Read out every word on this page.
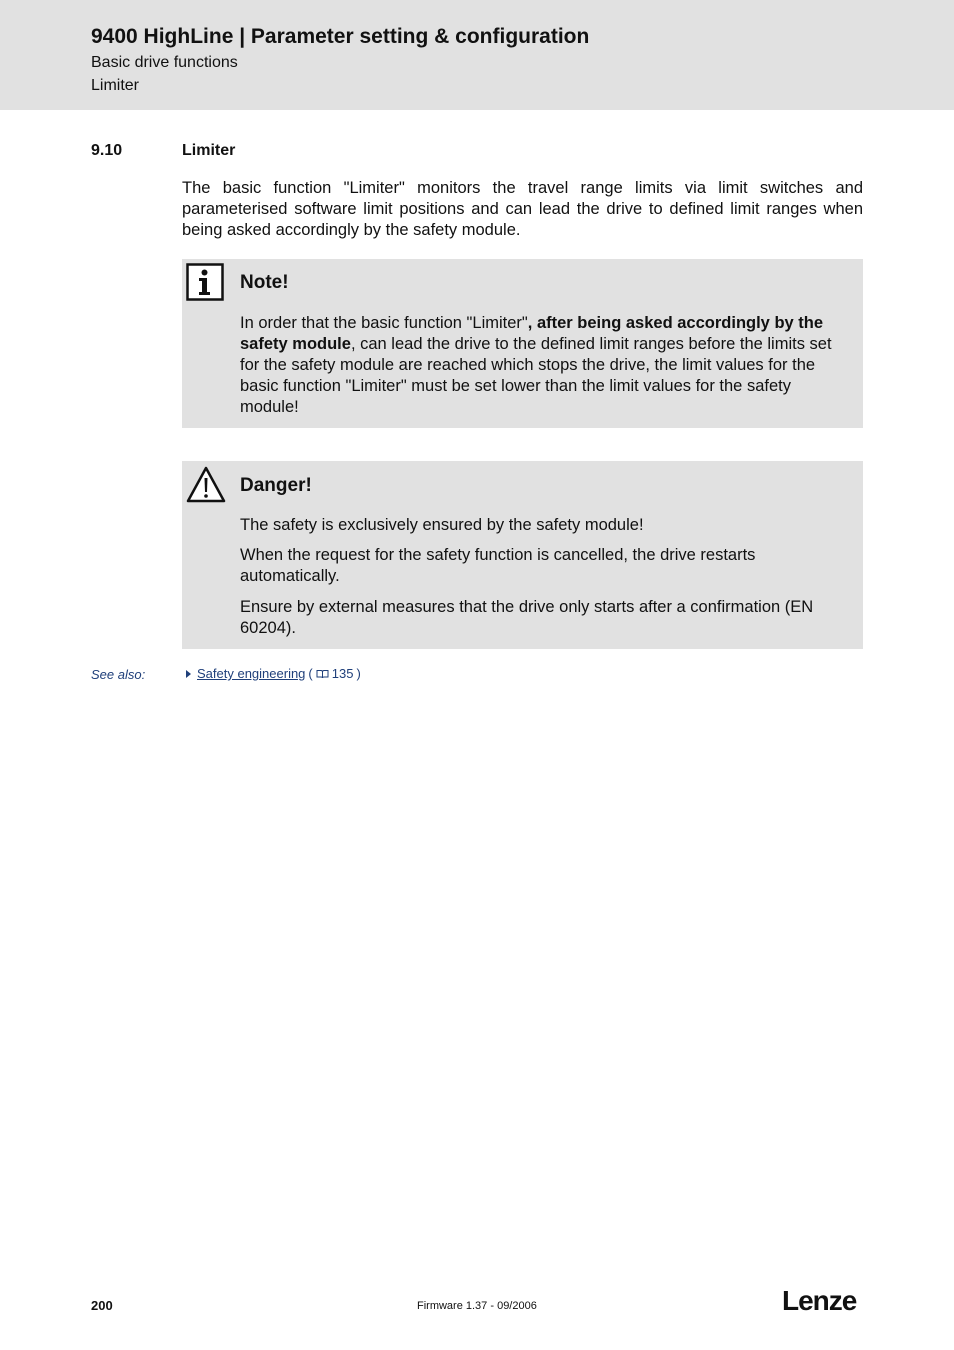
9400 HighLine | Parameter setting & configuration
Basic drive functions
Limiter
9.10	Limiter

The basic function "Limiter" monitors the travel range limits via limit switches and parameterised software limit positions and can lead the drive to defined limit ranges when being asked accordingly by the safety module.

Note!

In order that the basic function "Limiter", after being asked accordingly by the safety module, can lead the drive to the defined limit ranges before the limits set for the safety module are reached which stops the drive, the limit values for the basic function "Limiter" must be set lower than the limit values for the safety module!

Danger!

The safety is exclusively ensured by the safety module!

When the request for the safety function is cancelled, the drive restarts automatically.

Ensure by external measures that the drive only starts after a confirmation (EN 60204).

See also:	Safety engineering ( 135 )
200	Firmware 1.37 - 09/2006	Lenze
